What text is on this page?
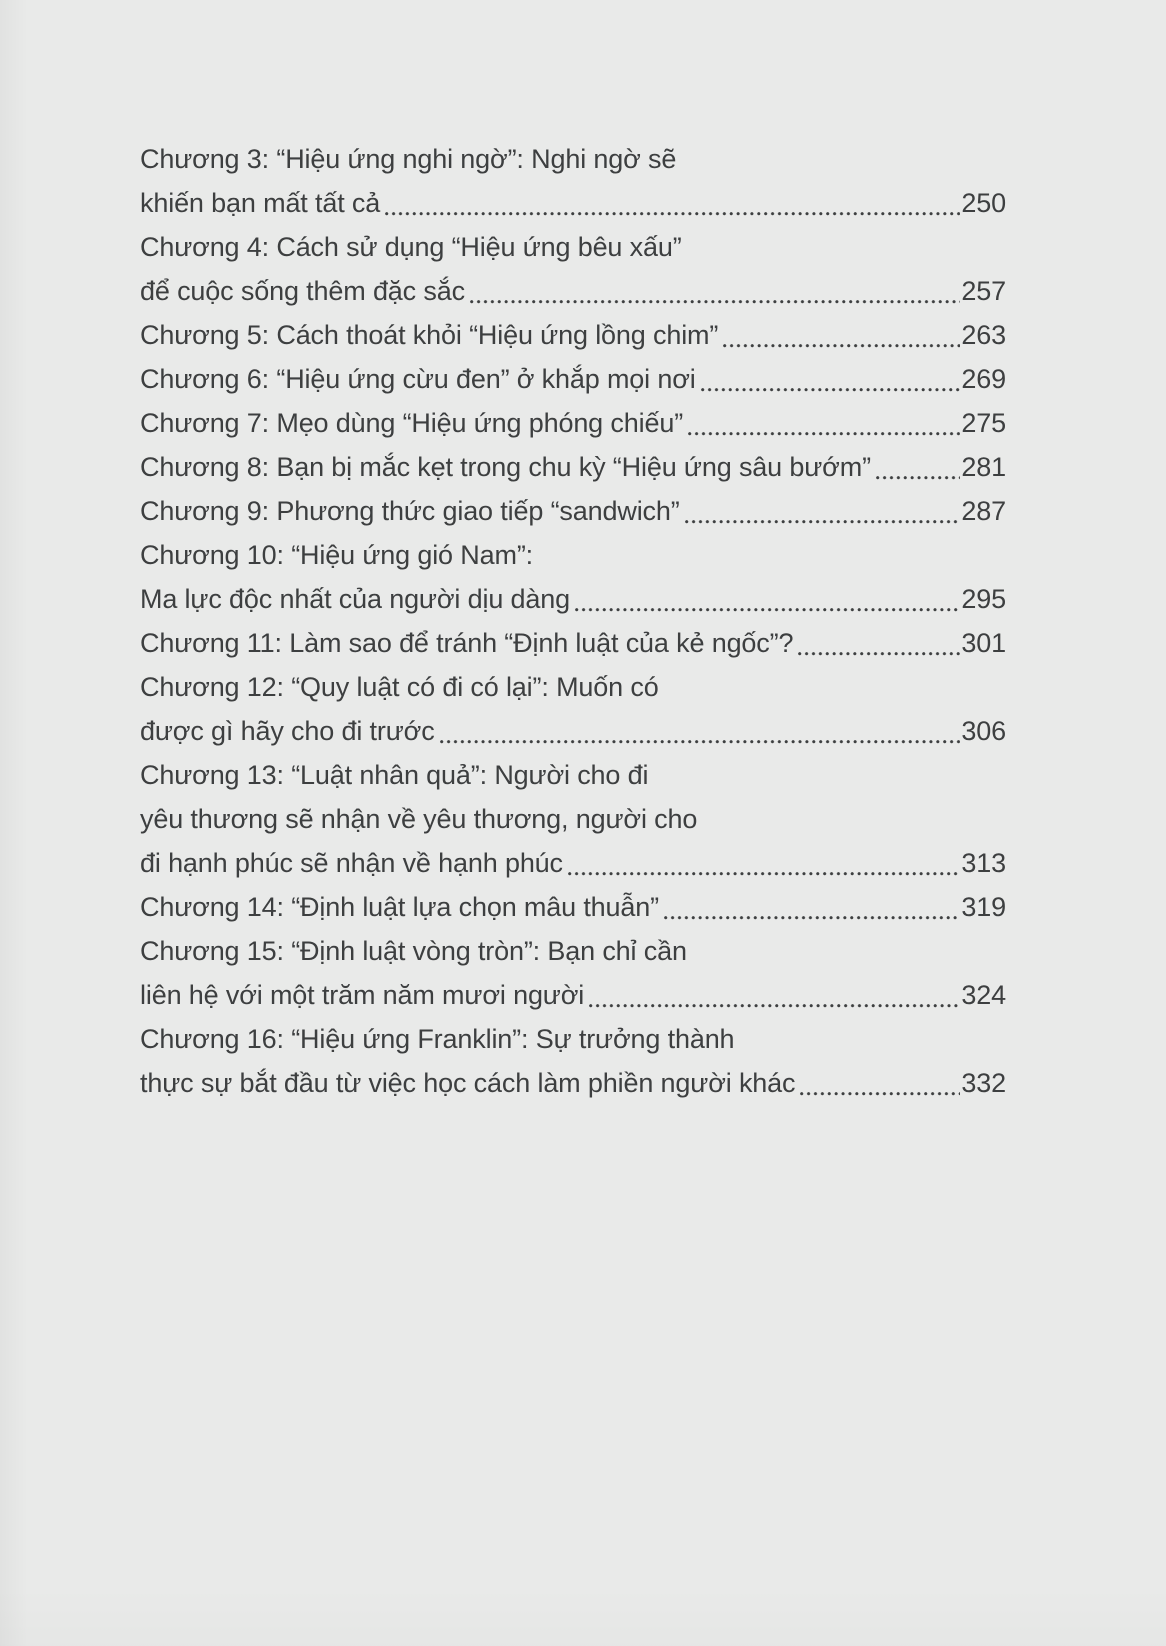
Chương 3: “Hiệu ứng nghi ngờ”: Nghi ngờ sẽ
khiến bạn mất tất cả	250
Chương 4: Cách sử dụng “Hiệu ứng bêu xấu”
để cuộc sống thêm đặc sắc	257
Chương 5: Cách thoát khỏi “Hiệu ứng lồng chim”	263
Chương 6: “Hiệu ứng cừu đen” ở khắp mọi nơi	269
Chương 7: Mẹo dùng “Hiệu ứng phóng chiếu”	275
Chương 8: Bạn bị mắc kẹt trong chu kỳ “Hiệu ứng sâu bướm”	281
Chương 9: Phương thức giao tiếp “sandwich”	287
Chương 10: “Hiệu ứng gió Nam”:
Ma lực độc nhất của người dịu dàng	295
Chương 11: Làm sao để tránh “Định luật của kẻ ngốc”?	301
Chương 12: “Quy luật có đi có lại”: Muốn có
được gì hãy cho đi trước	306
Chương 13: “Luật nhân quả”: Người cho đi
yêu thương sẽ nhận về yêu thương, người cho
đi hạnh phúc sẽ nhận về hạnh phúc	313
Chương 14: “Định luật lựa chọn mâu thuẫn”	319
Chương 15: “Định luật vòng tròn”: Bạn chỉ cần
liên hệ với một trăm năm mươi người	324
Chương 16: “Hiệu ứng Franklin”: Sự trưởng thành
thực sự bắt đầu từ việc học cách làm phiền người khác	332
